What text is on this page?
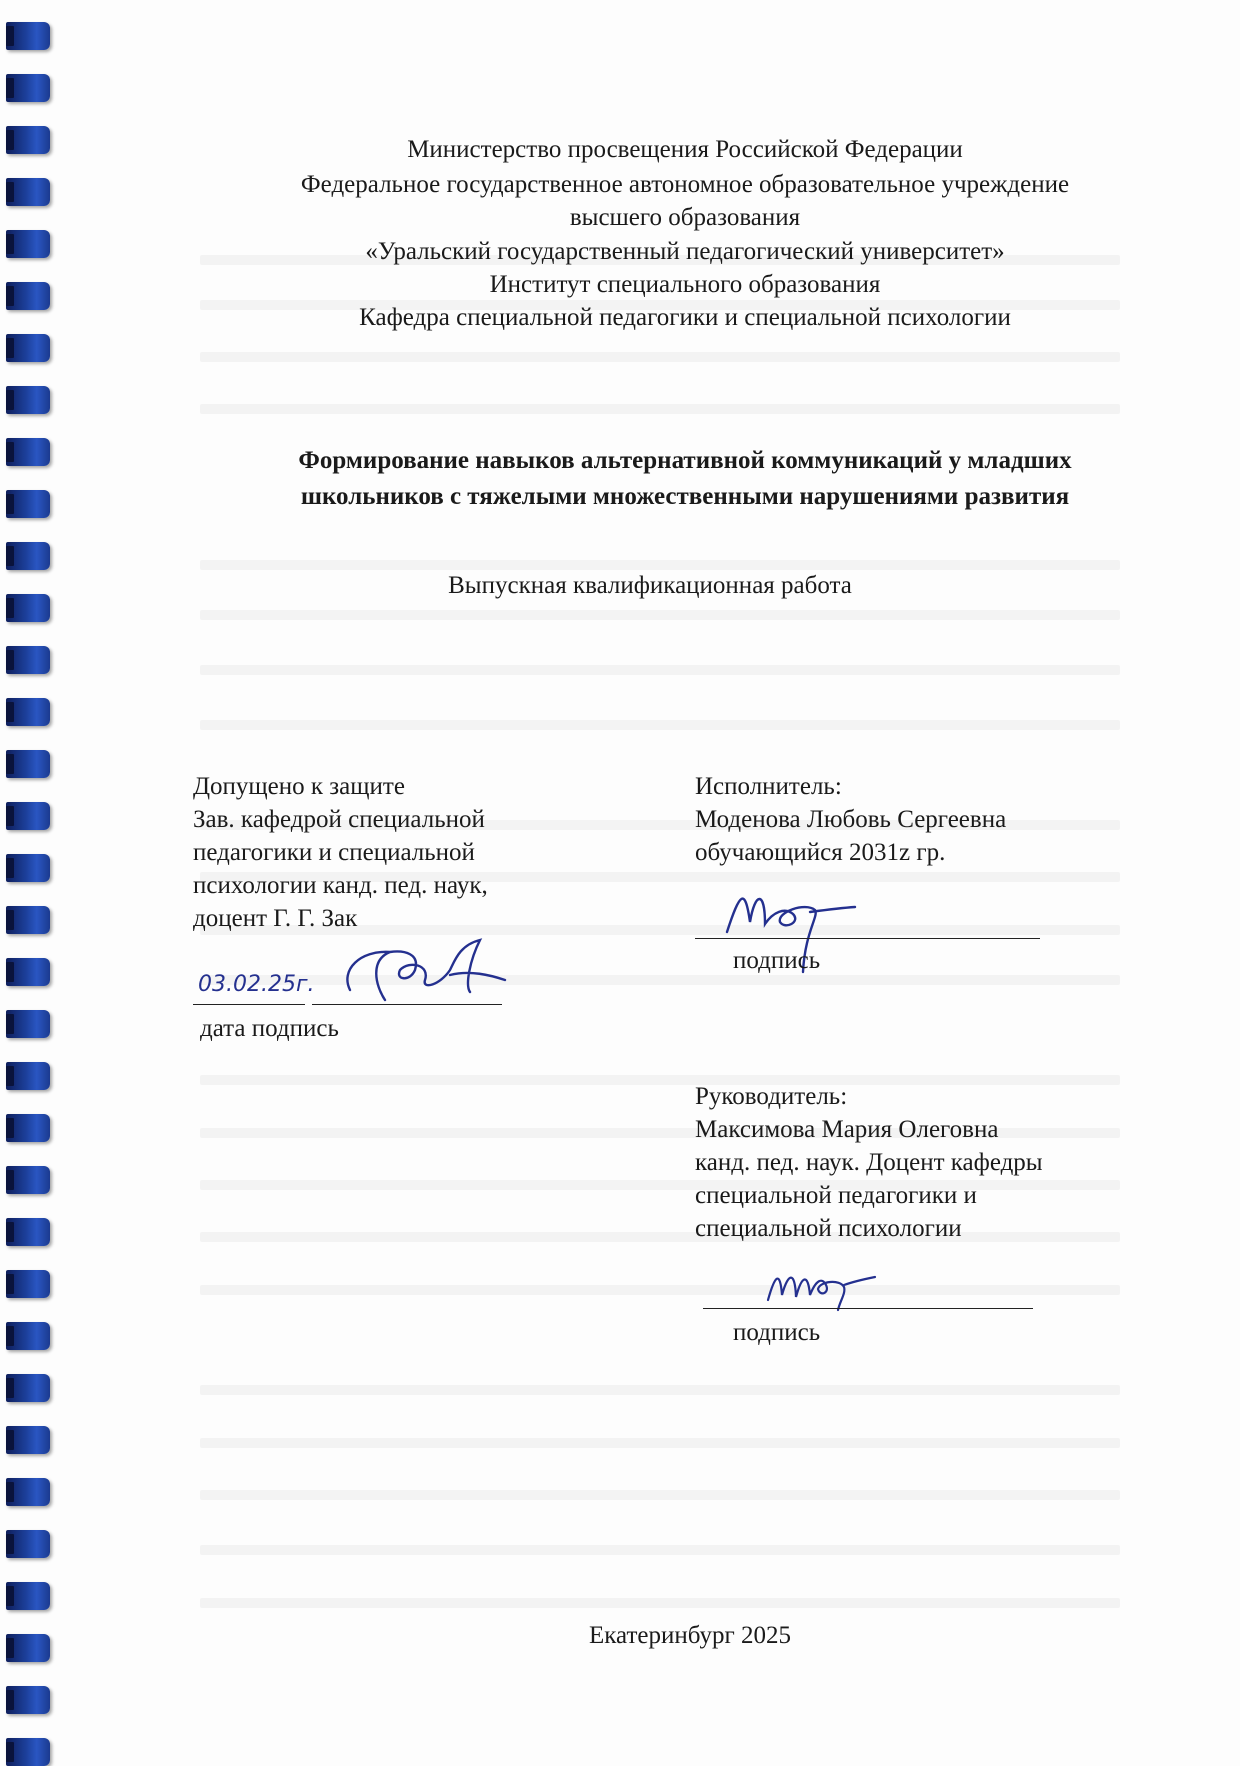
Министерство просвещения Российской Федерации
Федеральное государственное автономное образовательное учреждение
высшего образования
«Уральский государственный педагогический университет»
Институт специального образования
Кафедра специальной педагогики и специальной психологии
Формирование навыков альтернативной коммуникаций у младших
школьников с тяжелыми множественными нарушениями развития
Выпускная квалификационная работа
Допущено к защите
Зав. кафедрой специальной
педагогики и специальной
психологии канд. пед. наук,
доцент Г. Г. Зак
03.02.25г.
дата подпись
Исполнитель:
Моденова Любовь Сергеевна
обучающийся 2031z гр.
подпись
Руководитель:
Максимова Мария Олеговна
канд. пед. наук. Доцент кафедры
специальной педагогики и
специальной психологии
подпись
Екатеринбург 2025
